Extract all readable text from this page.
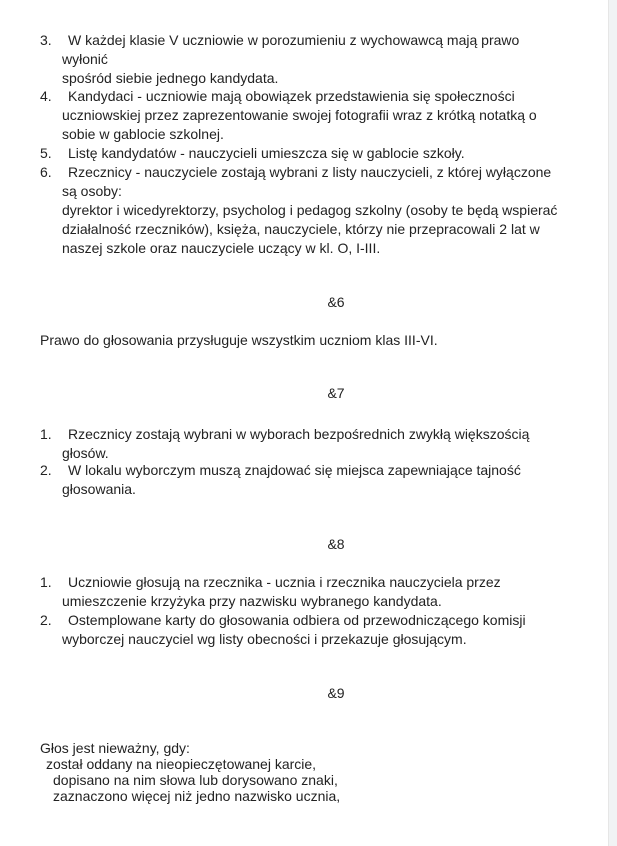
3. W każdej klasie V uczniowie w porozumieniu z wychowawcą mają prawo
wyłonić
spośród siebie jednego kandydata.
4. Kandydaci - uczniowie mają obowiązek przedstawienia się społeczności
uczniowskiej przez zaprezentowanie swojej fotografii wraz z krótką notatką o
sobie w gablocie szkolnej.
5. Listę kandydatów - nauczycieli umieszcza się w gablocie szkoły.
6. Rzecznicy - nauczyciele zostają wybrani z listy nauczycieli, z której wyłączone
są osoby:
dyrektor i wicedyrektorzy, psycholog i pedagog szkolny (osoby te będą wspierać
działalność rzeczników), księża, nauczyciele, którzy nie przepracowali 2 lat w
naszej szkole oraz nauczyciele uczący w kl. O, I-III.
&6
Prawo do głosowania przysługuje wszystkim uczniom klas III-VI.
&7
1. Rzecznicy zostają wybrani w wyborach bezpośrednich zwykłą większością
głosów.
2. W lokalu wyborczym muszą znajdować się miejsca zapewniające tajność
głosowania.
&8
1. Uczniowie głosują na rzecznika - ucznia i rzecznika nauczyciela przez
umieszczenie krzyżyka przy nazwisku wybranego kandydata.
2. Ostemplowane karty do głosowania odbiera od przewodniczącego komisji
wyborczej nauczyciel wg listy obecności i przekazuje głosującym.
&9
Głos jest nieważny, gdy:
został oddany na nieopieczętowanej karcie,
dopisano na nim słowa lub dorysowano znaki,
zaznaczono więcej niż jedno nazwisko ucznia,
